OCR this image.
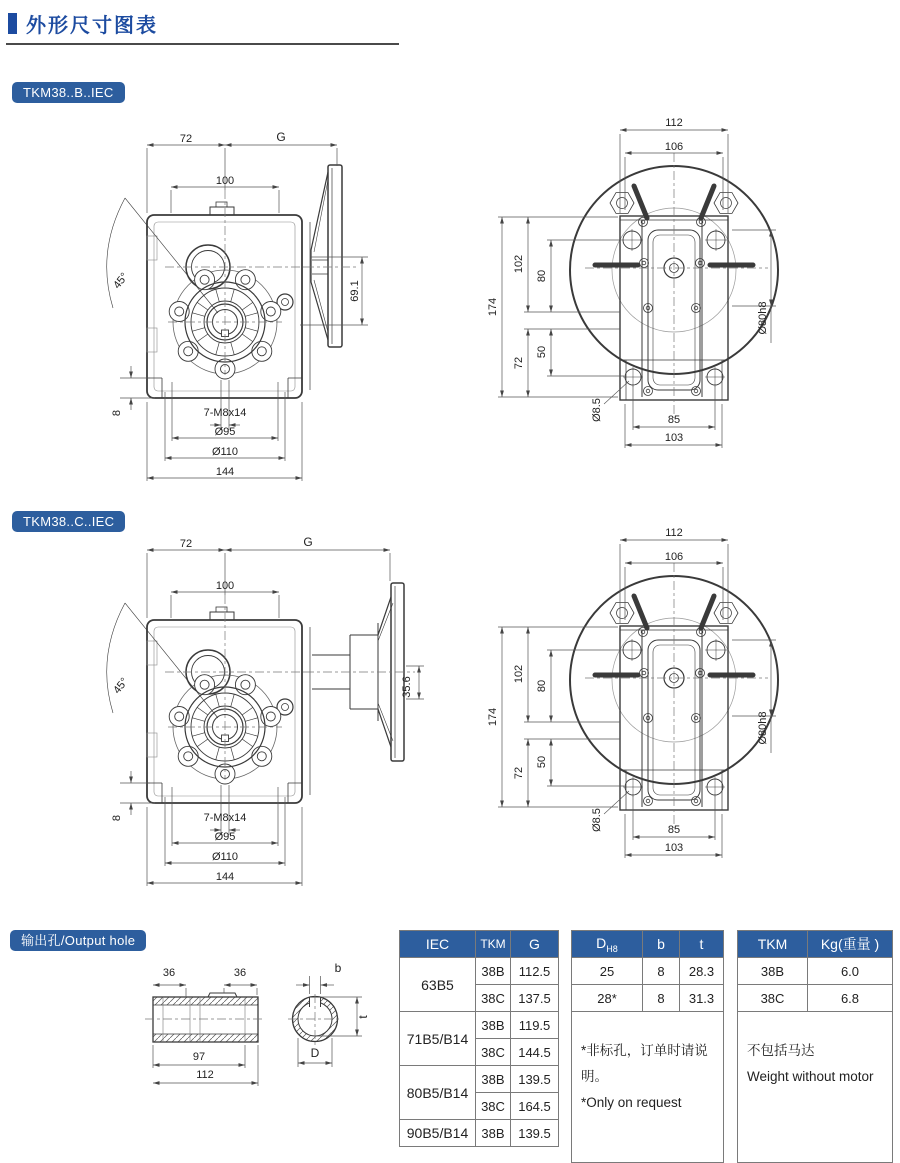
外形尺寸图表
TKM38..B..IEC
TKM38..C..IEC
输出孔/Output hole
72	G
100
45°	69.1
8	7-M8x14
Ø95
Ø110
144
112
106
174
102
80
72
50
Ø8.5	85
103
Ø80h8
72	G
100
45°	35.6
8	7-M8x14
Ø95
Ø110
144
112
106
174
102
80
72
50
Ø8.5	85
103
Ø80h8
36	36
97
112
b
t
D
IEC	TKM	G
63B5	38B	112.5
	38C	137.5
71B5/B14	38B	119.5
	38C	144.5
80B5/B14	38B	139.5
	38C	164.5
90B5/B14	38B	139.5
$D_{H8}$	b	t
25	8	28.3
28*	8	31.3

*非标孔，订单时请说明。
*Only on request		
TKM	Kg(重量 )
38B	6.0
38C	6.8

不包括马达
Weight without motor	
